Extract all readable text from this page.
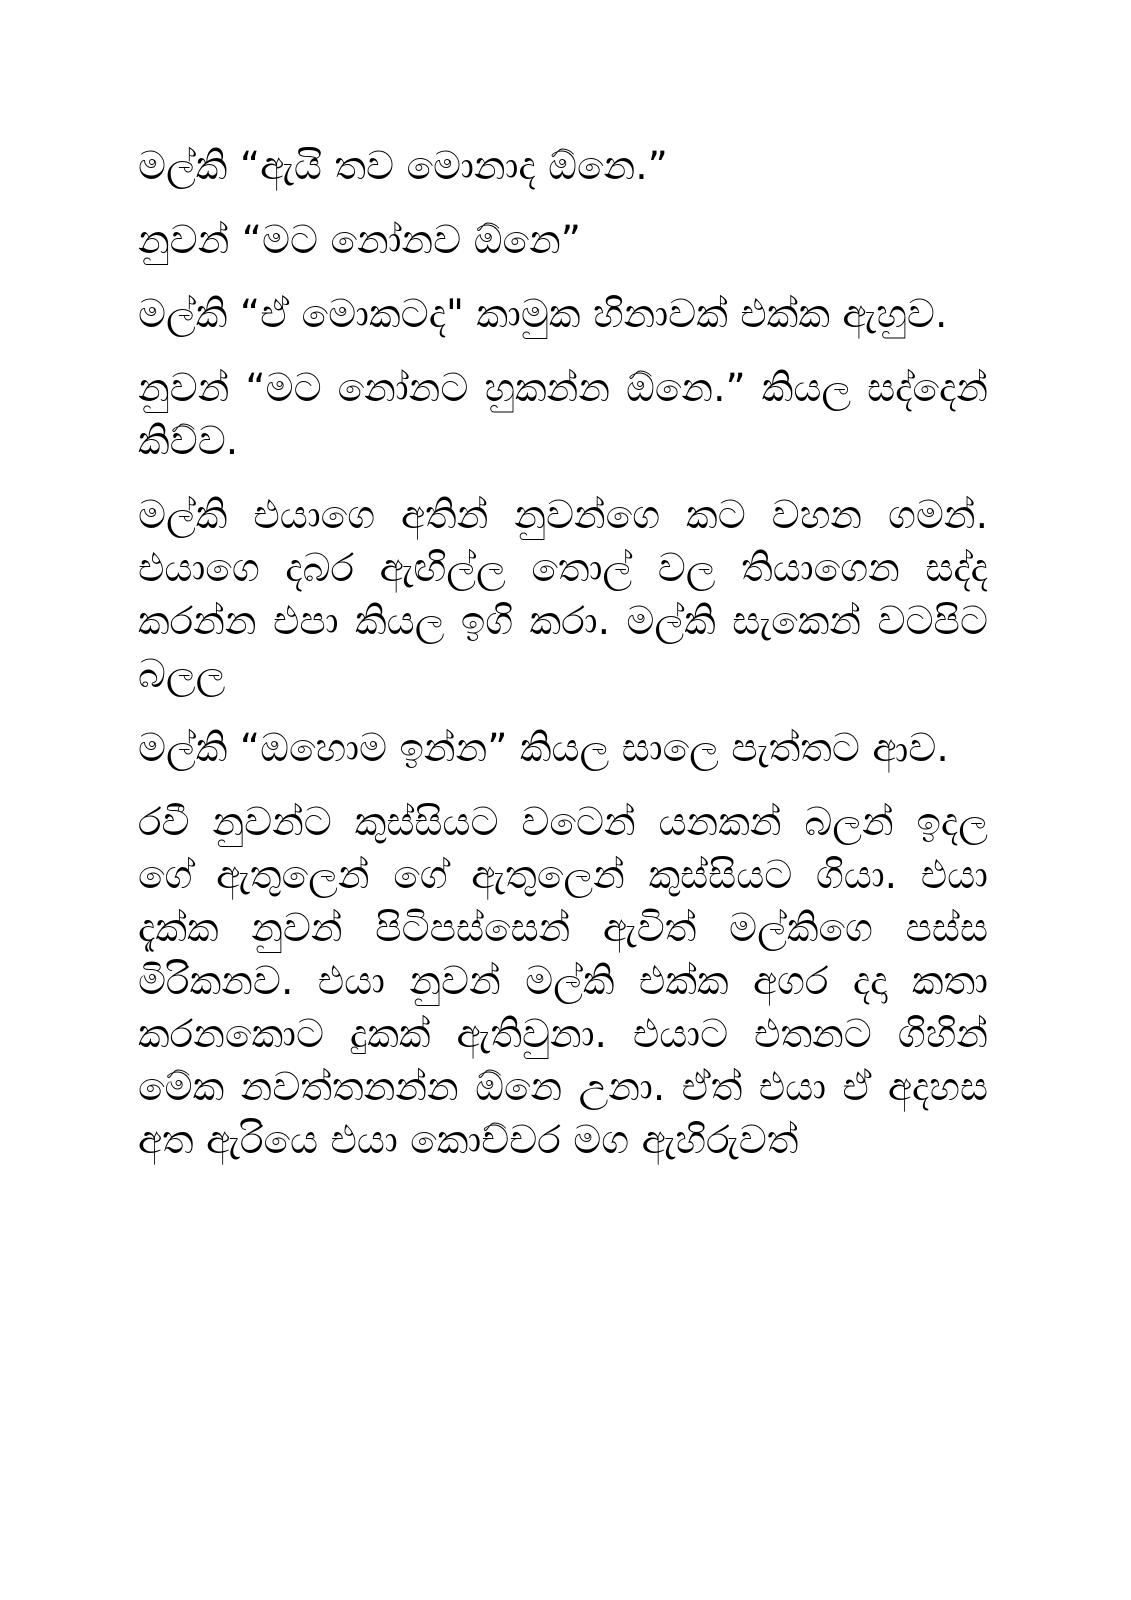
මල්කි “ඇයි තව මොනාද ඕනෙ.”

නුවන් “මට නෝනව ඕනෙ”

මල්කි “ඒ මොකටද" කාමුක හිනාවක් එක්ක ඇහුව.

නුවන් “මට නෝනට හුකන්න ඕනෙ.” කියල සද්දෙන් කිව්ව.

මල්කි එයාගෙ අතින් නුවන්ගෙ කට වහන ගමන්. එයාගෙ දබර ඇඟිල්ල තොල් වල තියාගෙන සද්ද කරන්න එපා කියල ඉගි කරා. මල්කි සැකෙන් වටපිට බලල

මල්කි “ඔහොම ඉන්න” කියල සාලෙ පැත්තට ආව.

රවී නුවන්ට කුස්සියට වටෙන් යනකන් බලන් ඉදල ගේ ඇතුලෙන් ගේ ඇතුලෙන් කුස්සියට ගියා. එයා දැක්ක නුවන් පිටිපස්සෙන් ඇවිත් මල්කිගෙ පස්ස මිරිකනව. එයා නුවන් මල්කි එක්ක අගර දදා කතා කරනකොට දුකක් ඇතිවුනා. එයාට එතනට ගිහින් මේක නවත්තනන්න ඕනෙ උනා. ඒත් එයා ඒ අදහස අත ඇරියෙ එයා කොච්චර මග ඇහිරුවත්
